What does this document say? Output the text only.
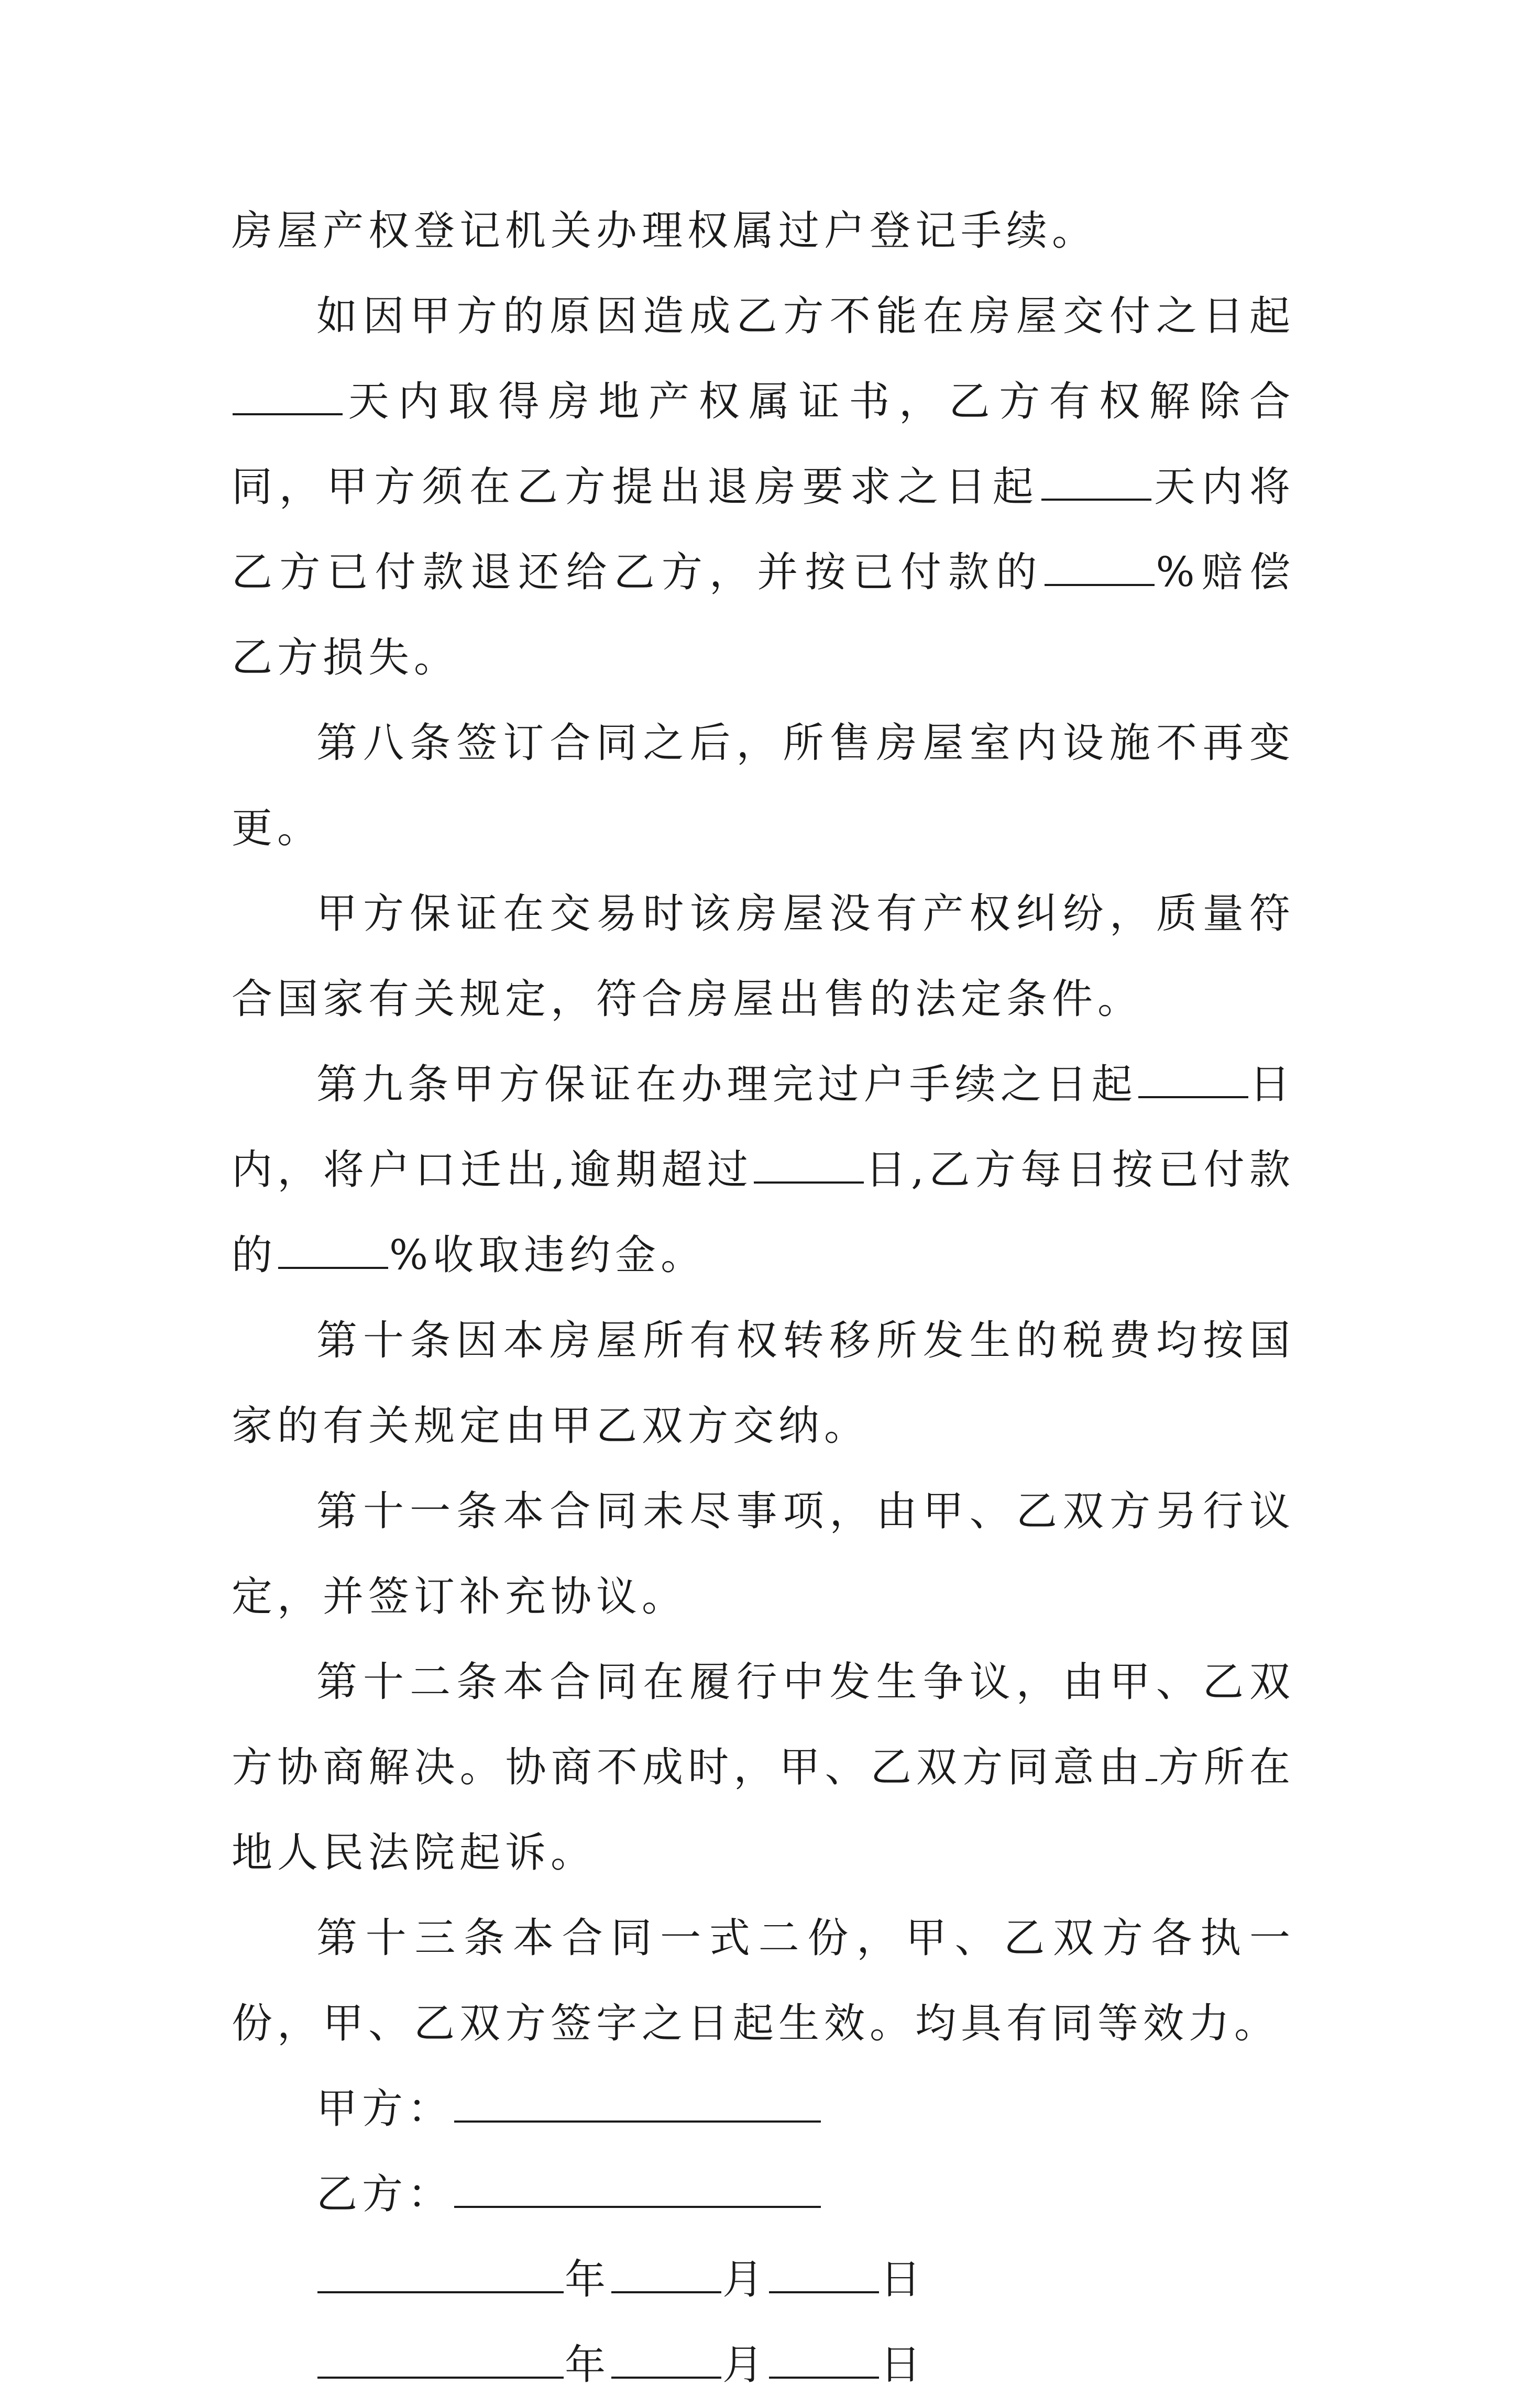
房屋产权登记机关办理权属过户登记手续。

如因甲方的原因造成乙方不能在房屋交付之日起天内取得房地产权属证书，乙方有权解除合同，甲方须在乙方提出退房要求之日起	天内将乙方已付款退还给乙方，并按已付款的	%赔偿乙方损失。

第八条签订合同之后，所售房屋室内设施不再变更。

甲方保证在交易时该房屋没有产权纠纷，质量符合国家有关规定，符合房屋出售的法定条件。

第九条甲方保证在办理完过户手续之日起	日内，将户口迁出,逾期超过	日,乙方每日按已付款的	%收取违约金。

第十条因本房屋所有权转移所发生的税费均按国家的有关规定由甲乙双方交纳。

第十一条本合同未尽事项，由甲、乙双方另行议定，并签订补充协议。

第十二条本合同在履行中发生争议，由甲、乙双方协商解决。协商不成时，甲、乙双方同意由 方所在地人民法院起诉。

第十三条本合同一式二份，甲、乙双方各执一份，甲、乙双方签字之日起生效。均具有同等效力。

甲方：

乙方：

年	月	日

年	月	日
